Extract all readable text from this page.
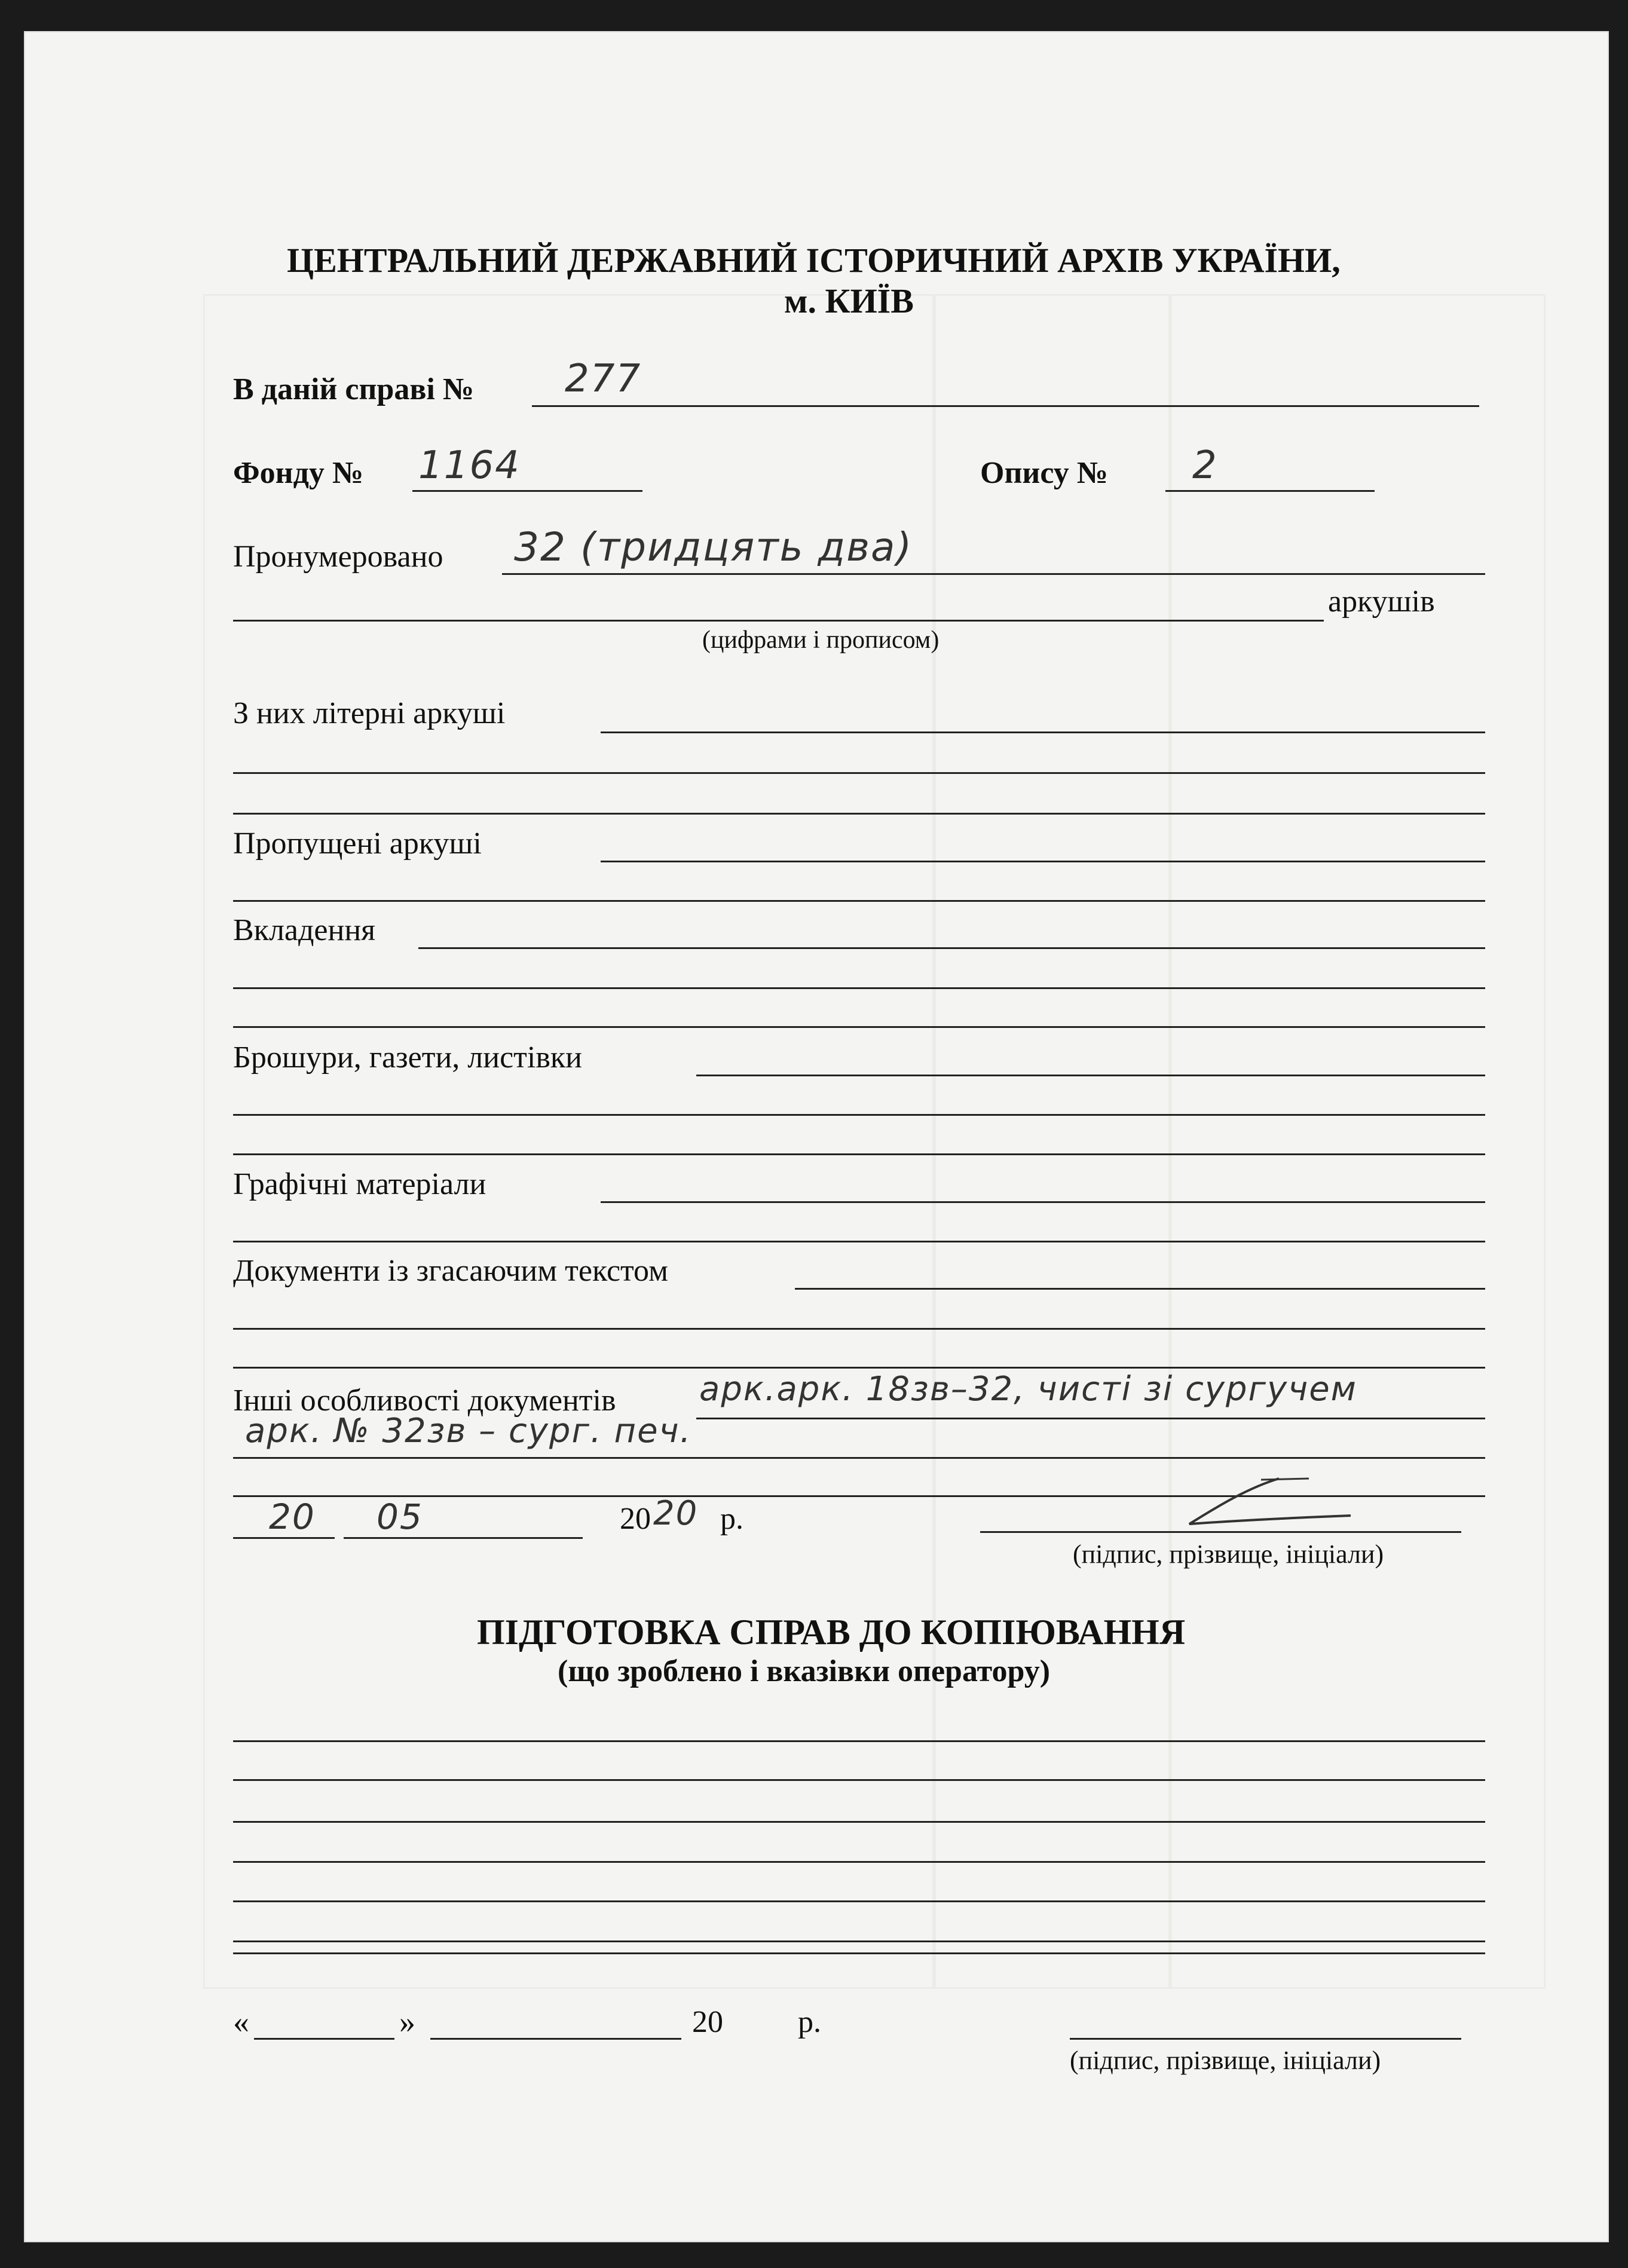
ЦЕНТРАЛЬНИЙ ДЕРЖАВНИЙ ІСТОРИЧНИЙ АРХІВ УКРАЇНИ,
м. КИЇВ
В даній справі № 277
Фонду № 1164	Опису № 2
Пронумеровано 32 (тридцять два)
аркушів
(цифрами і прописом)
З них літерні аркуші
Пропущені аркуші
Вкладення
Брошури, газети, листівки
Графічні матеріали
Документи із згасаючим текстом
Інші особливості документів арк.арк. 18зв–32, чисті зі сургучем
арк. № 32зв – сург. печ.
20 05	20 20 р.
(підпис, прізвище, ініціали)
ПІДГОТОВКА СПРАВ ДО КОПІЮВАННЯ
(що зроблено і вказівки оператору)
«	»	20 р.
(підпис, прізвище, ініціали)
